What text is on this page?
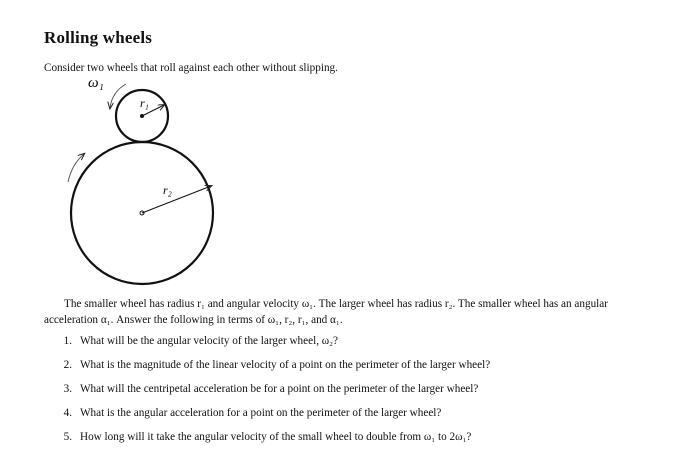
Rolling wheels

Consider two wheels that roll against each other without slipping.

ω₁
r₁
r₂

The smaller wheel has radius r₁ and angular velocity ω₁. The larger wheel has radius r₂. The smaller wheel has an angular acceleration α₁. Answer the following in terms of ω₁, r₂, r₁, and α₁.

1. What will be the angular velocity of the larger wheel, ω₂?
2. What is the magnitude of the linear velocity of a point on the perimeter of the larger wheel?
3. What will the centripetal acceleration be for a point on the perimeter of the larger wheel?
4. What is the angular acceleration for a point on the perimeter of the larger wheel?
5. How long will it take the angular velocity of the small wheel to double from ω₁ to 2ω₁?
